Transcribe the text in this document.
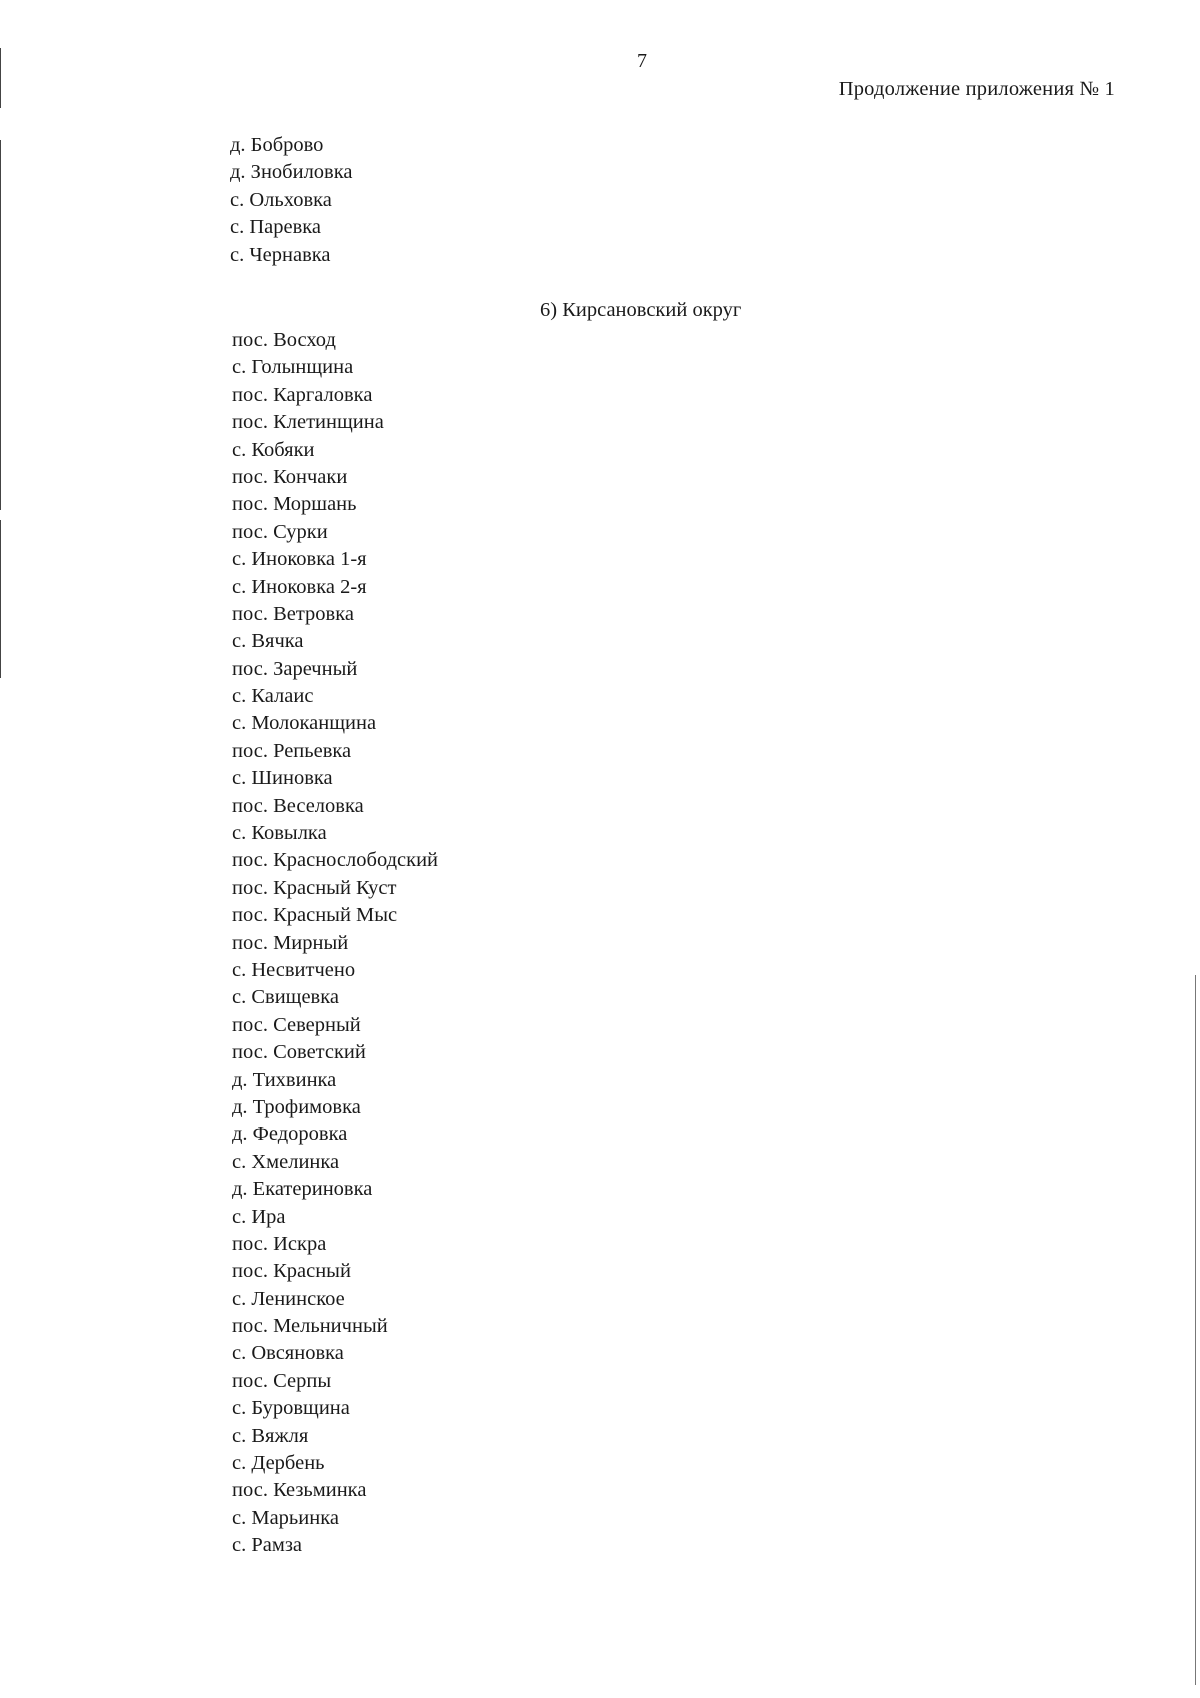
7
Продолжение приложения № 1
д. Боброво
д. Знобиловка
с. Ольховка
с. Паревка
с. Чернавка
6) Кирсановский округ
пос. Восход
с. Голынщина
пос. Каргаловка
пос. Клетинщина
с. Кобяки
пос. Кончаки
пос. Моршань
пос. Сурки
с. Иноковка 1-я
с. Иноковка 2-я
пос. Ветровка
с. Вячка
пос. Заречный
с. Калаис
с. Молоканщина
пос. Репьевка
с. Шиновка
пос. Веселовка
с. Ковылка
пос. Краснослободский
пос. Красный Куст
пос. Красный Мыс
пос. Мирный
с. Несвитчено
с. Свищевка
пос. Северный
пос. Советский
д. Тихвинка
д. Трофимовка
д. Федоровка
с. Хмелинка
д. Екатериновка
с. Ира
пос. Искра
пос. Красный
с. Ленинское
пос. Мельничный
с. Овсяновка
пос. Серпы
с. Буровщина
с. Вяжля
с. Дербень
пос. Кезьминка
с. Марьинка
с. Рамза
